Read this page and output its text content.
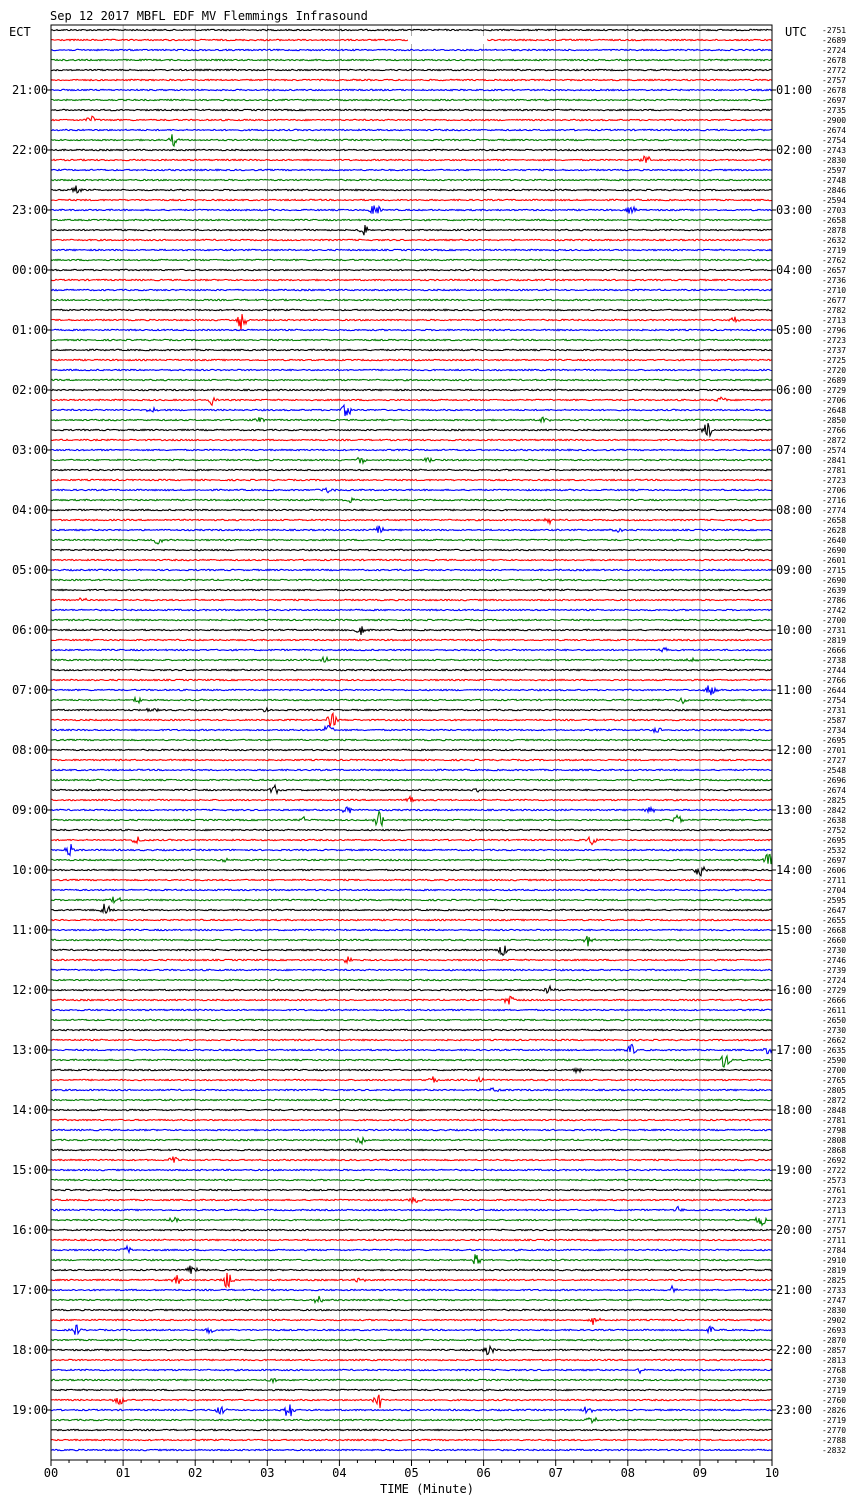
Sep 12 2017 MBFL EDF MV Flemmings Infrasound
ECT	UTC
TIME (Minute)
00	01	02	03	04	05	06	07	08	09	10
21:00
22:00
23:00
00:00
01:00
02:00
03:00
04:00
05:00
06:00
07:00
08:00
09:00
10:00
11:00
12:00
13:00
14:00
15:00
16:00
17:00
18:00
19:00
01:00
02:00
03:00
04:00
05:00
06:00
07:00
08:00
09:00
10:00
11:00
12:00
13:00
14:00
15:00
16:00
17:00
18:00
19:00
20:00
21:00
22:00
23:00
-2751
-2689
-2724
-2678
-2772
-2757
-2678
-2697
-2735
-2900
-2674
-2754
-2743
-2830
-2597
-2748
-2846
-2594
-2703
-2658
-2878
-2632
-2719
-2762
-2657
-2736
-2710
-2677
-2782
-2713
-2796
-2723
-2737
-2725
-2720
-2689
-2729
-2706
-2648
-2850
-2766
-2872
-2574
-2841
-2781
-2723
-2706
-2716
-2774
-2658
-2628
-2640
-2690
-2601
-2715
-2690
-2639
-2786
-2742
-2700
-2731
-2819
-2666
-2738
-2744
-2766
-2644
-2754
-2731
-2587
-2734
-2695
-2701
-2727
-2548
-2696
-2674
-2825
-2842
-2638
-2752
-2695
-2532
-2697
-2606
-2711
-2704
-2595
-2647
-2655
-2668
-2660
-2730
-2746
-2739
-2724
-2729
-2666
-2611
-2650
-2730
-2662
-2635
-2590
-2700
-2765
-2805
-2872
-2848
-2781
-2798
-2808
-2868
-2692
-2722
-2573
-2761
-2723
-2713
-2771
-2757
-2711
-2784
-2910
-2819
-2825
-2733
-2747
-2830
-2902
-2693
-2870
-2857
-2813
-2768
-2730
-2719
-2760
-2826
-2719
-2770
-2788
-2832
